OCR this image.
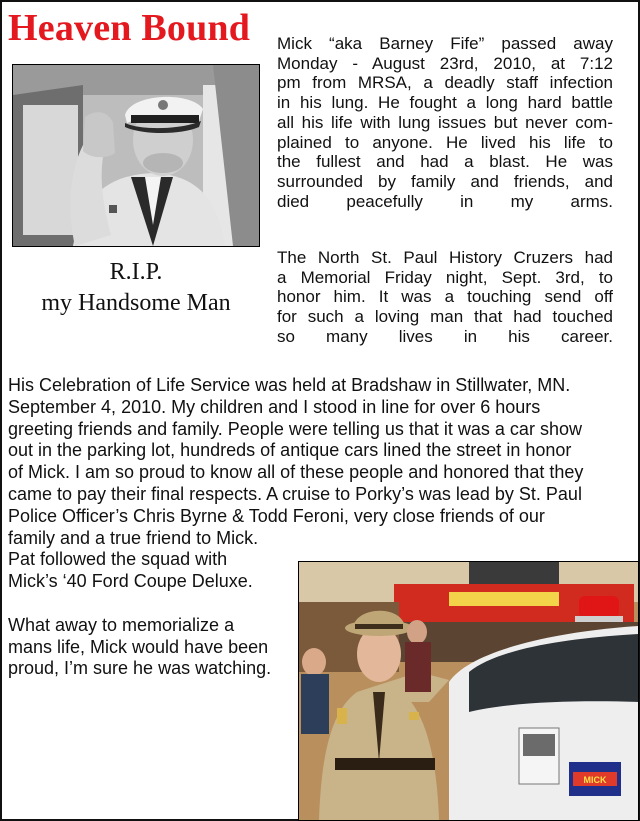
Heaven Bound
R.I.P.
my Handsome Man
Mick “aka Barney Fife” passed away
Monday - August 23rd, 2010, at 7:12
pm from MRSA, a deadly staff infection
in his lung. He fought a long hard battle
all his life with lung issues but never com-
plained to anyone. He lived his life to
the fullest and had a blast. He was
surrounded by family and friends, and
died peacefully in my arms.
The North St. Paul History Cruzers had
a Memorial Friday night, Sept. 3rd, to
honor him. It was a touching send off
for such a loving man that had touched
so many lives in his career.
His Celebration of Life Service was held at Bradshaw in Stillwater, MN.
September 4, 2010. My children and I stood in line for over 6 hours
greeting friends and family. People were telling us that it was a car show
out in the parking lot, hundreds of antique cars lined the street in honor
of Mick. I am so proud to know all of these people and honored that they
came to pay their final respects. A cruise to Porky’s was lead by St. Paul
Police Officer’s Chris Byrne & Todd Feroni, very close friends of our
family and a true friend to Mick.
Pat followed the squad with
Mick’s ‘40 Ford Coupe Deluxe.

What away to memorialize a
mans life, Mick would have been
proud, I’m sure he was watching.
MICK
